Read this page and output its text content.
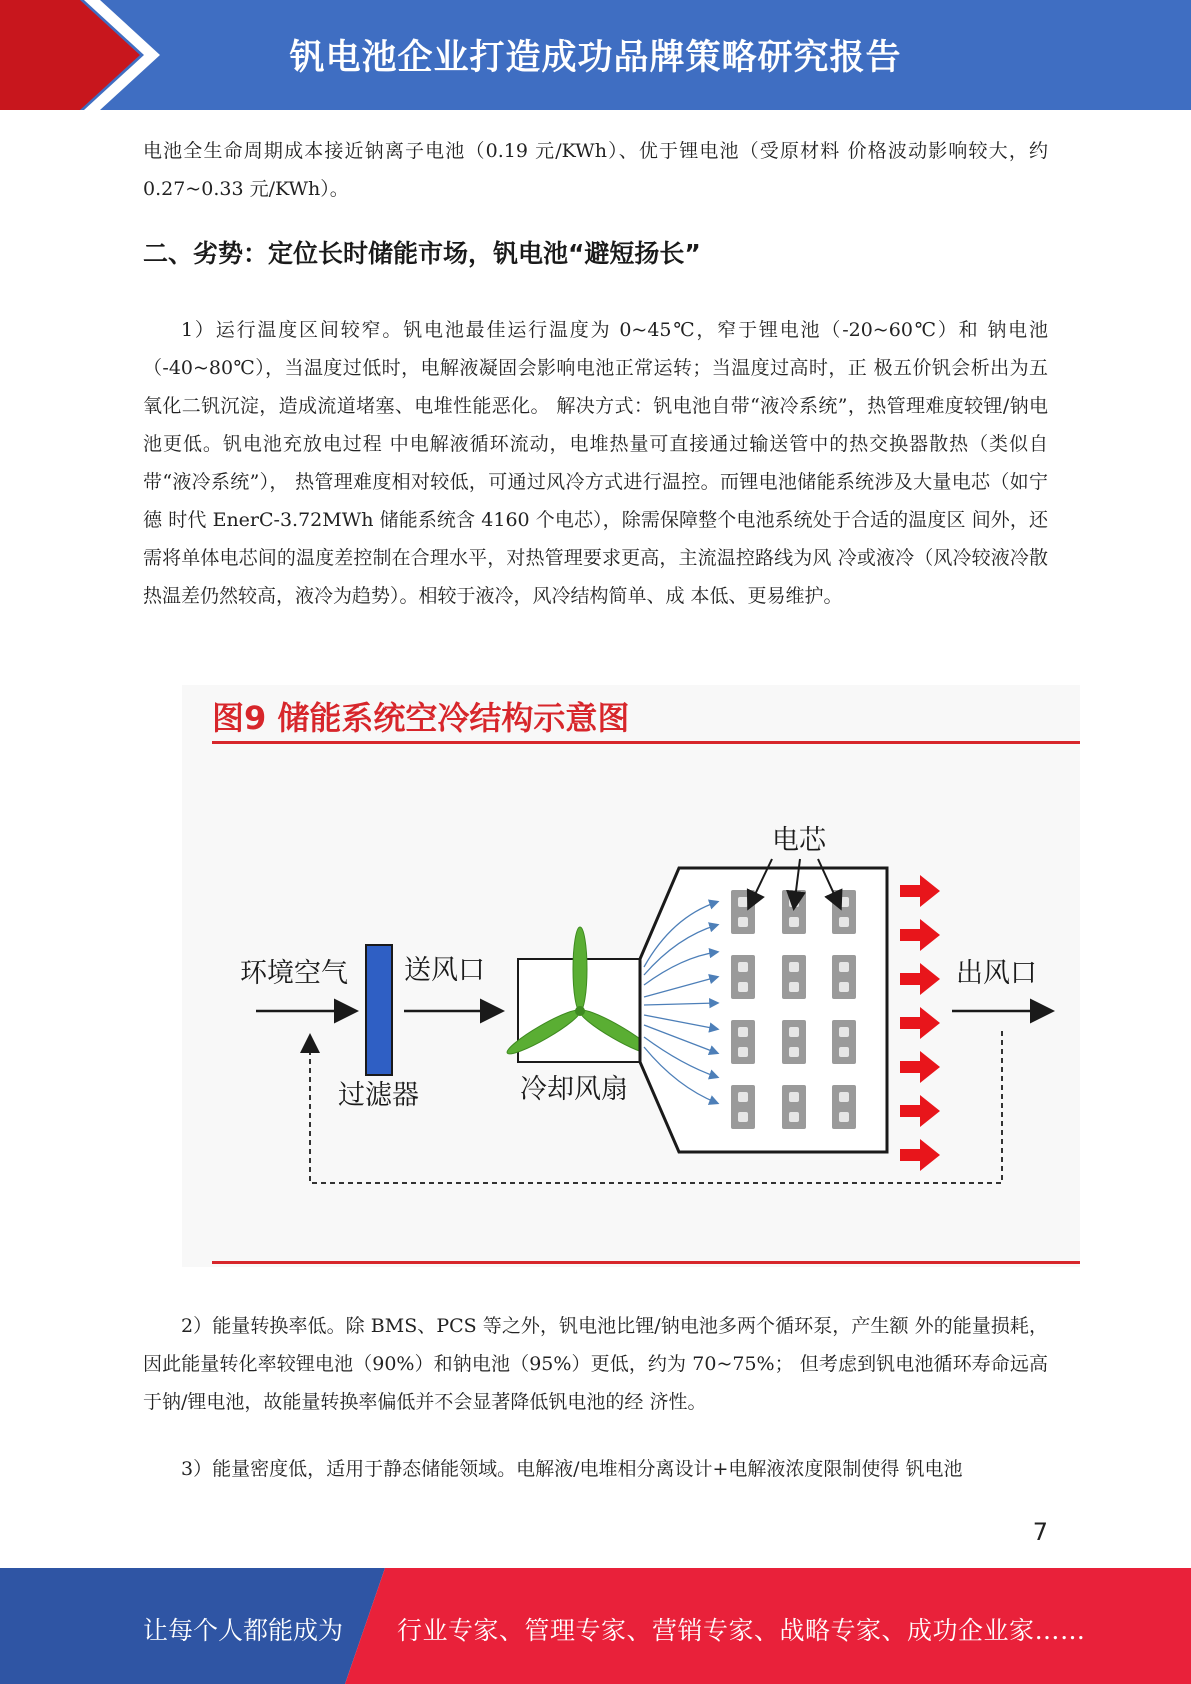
钒电池企业打造成功品牌策略研究报告
电池全生命周期成本接近钠离子电池（0.19 元/KWh）、优于锂电池（受原材料 价格波动影响较大，约 0.27~0.33 元/KWh）。
二、劣势：定位长时储能市场，钒电池“避短扬长”
1）运行温度区间较窄。钒电池最佳运行温度为 0~45℃，窄于锂电池（-20~60℃）和 钠电池（-40~80℃），当温度过低时，电解液凝固会影响电池正常运转；当温度过高时，正 极五价钒会析出为五氧化二钒沉淀，造成流道堵塞、电堆性能恶化。 解决方式：钒电池自带“液冷系统”，热管理难度较锂/钠电池更低。钒电池充放电过程 中电解液循环流动，电堆热量可直接通过输送管中的热交换器散热（类似自带“液冷系统”）， 热管理难度相对较低，可通过风冷方式进行温控。而锂电池储能系统涉及大量电芯（如宁德 时代 EnerC-3.72MWh 储能系统含 4160 个电芯），除需保障整个电池系统处于合适的温度区 间外，还需将单体电芯间的温度差控制在合理水平，对热管理要求更高，主流温控路线为风 冷或液冷（风冷较液冷散热温差仍然较高，液冷为趋势）。相较于液冷，风冷结构简单、成 本低、更易维护。
图9 储能系统空冷结构示意图
环境空气
过滤器
送风口
冷却风扇
电芯
出风口
2）能量转换率低。除 BMS、PCS 等之外，钒电池比锂/钠电池多两个循环泵，产生额 外的能量损耗，因此能量转化率较锂电池（90%）和钠电池（95%）更低，约为 70~75%； 但考虑到钒电池循环寿命远高于钠/锂电池，故能量转换率偏低并不会显著降低钒电池的经 济性。
3）能量密度低，适用于静态储能领域。电解液/电堆相分离设计+电解液浓度限制使得 钒电池
7
让每个人都能成为 行业专家、管理专家、营销专家、战略专家、成功企业家……
